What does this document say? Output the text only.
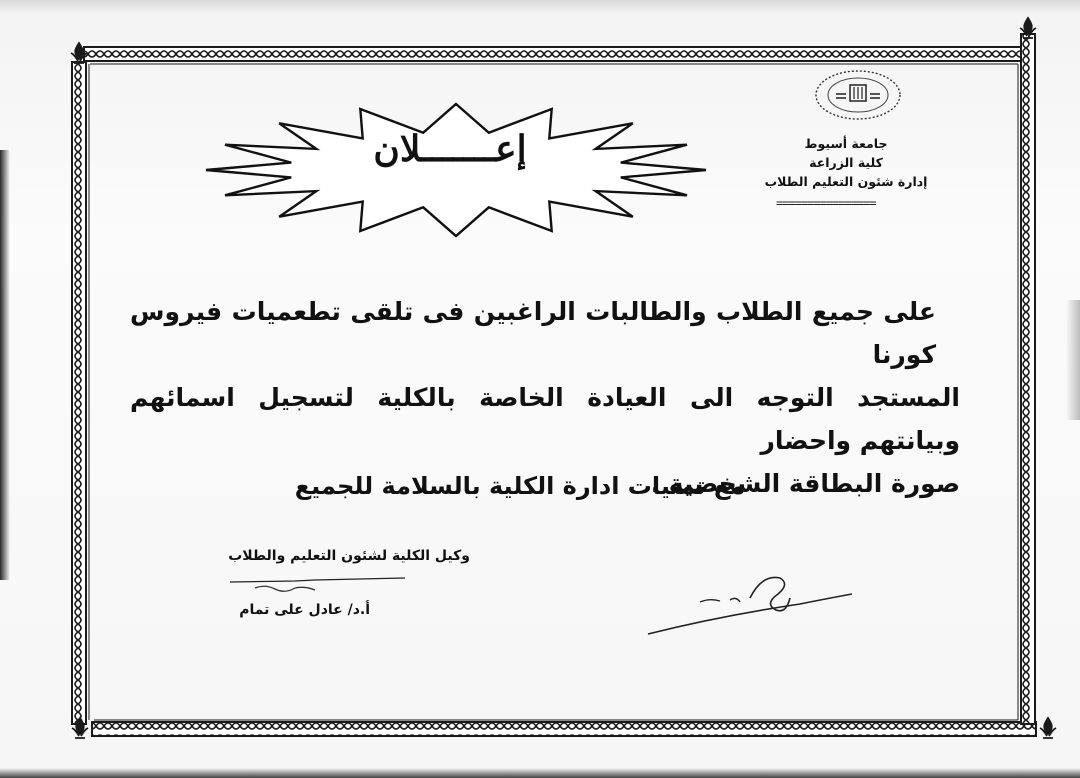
جامعة أسيوط
كلية الزراعة
إدارة شئون التعليم الطلاب
================
إعـــــــلان
على جميع الطلاب والطالبات الراغبين فى تلقى تطعميات فيروس كورنا
المستجد التوجه الى العيادة الخاصة بالكلية لتسجيل اسمائهم وبيانتهم واحضار
صورة البطاقة الشخصية .
مع تمنيات ادارة الكلية بالسلامة للجميع
وكيل الكلية لشئون التعليم والطلاب
أ.د/ عادل على تمام
